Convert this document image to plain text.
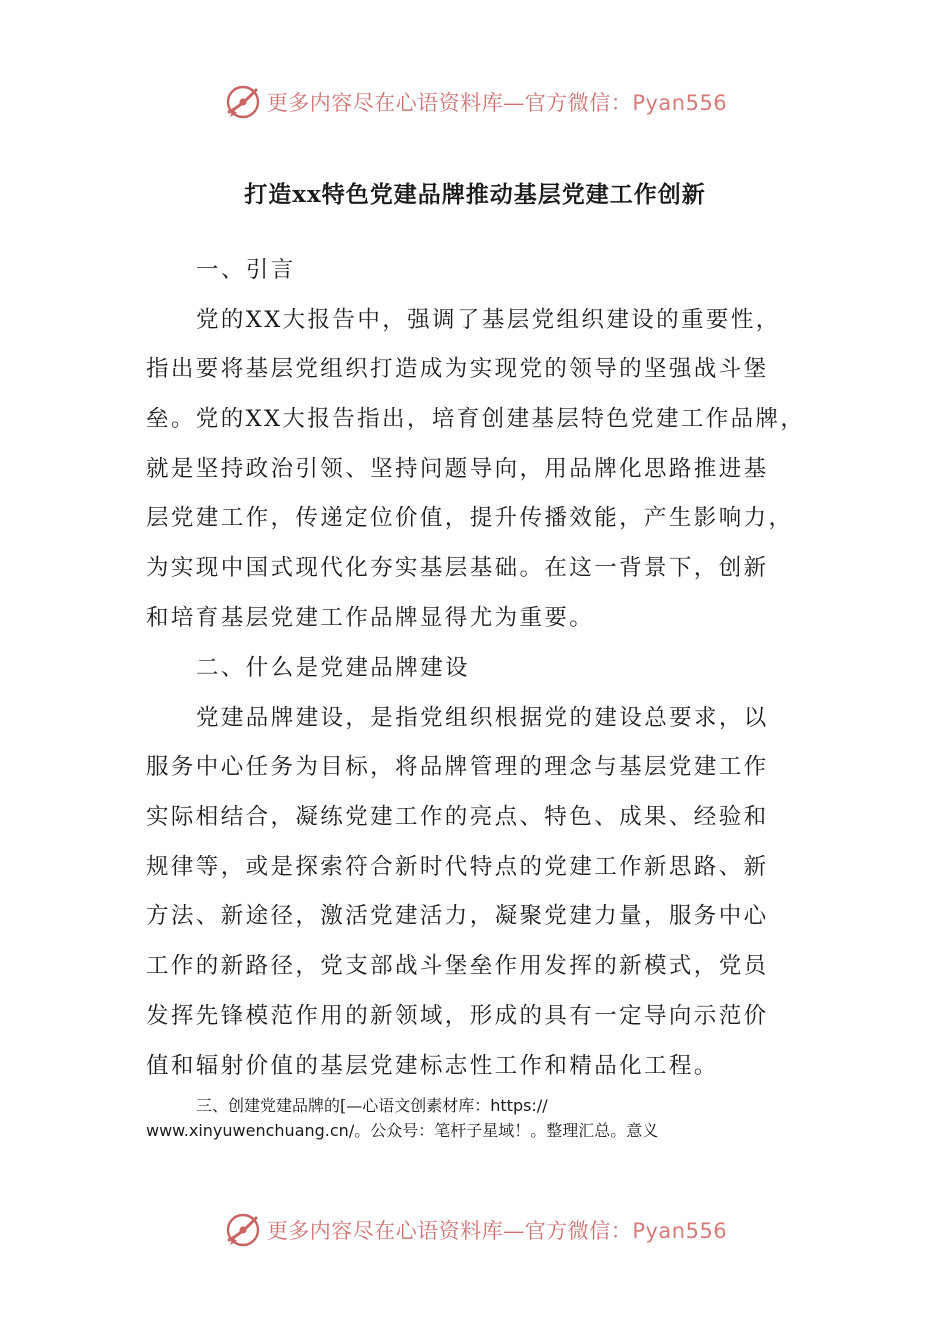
更多内容尽在心语资料库—官方微信：Pyan556
打造xx特色党建品牌推动基层党建工作创新
一、引言
党的XX大报告中，强调了基层党组织建设的重要性，
指出要将基层党组织打造成为实现党的领导的坚强战斗堡
垒。党的XX大报告指出，培育创建基层特色党建工作品牌，
就是坚持政治引领、坚持问题导向，用品牌化思路推进基
层党建工作，传递定位价值，提升传播效能，产生影响力，
为实现中国式现代化夯实基层基础。在这一背景下，创新
和培育基层党建工作品牌显得尤为重要。
二、什么是党建品牌建设
党建品牌建设，是指党组织根据党的建设总要求，以
服务中心任务为目标，将品牌管理的理念与基层党建工作
实际相结合，凝练党建工作的亮点、特色、成果、经验和
规律等，或是探索符合新时代特点的党建工作新思路、新
方法、新途径，激活党建活力，凝聚党建力量，服务中心
工作的新路径，党支部战斗堡垒作用发挥的新模式，党员
发挥先锋模范作用的新领域，形成的具有一定导向示范价
值和辐射价值的基层党建标志性工作和精品化工程。
三、创建党建品牌的[—心语文创素材库：https://
www.xinyuwenchuang.cn/。公众号：笔杆子星域！。整理汇总。意义
更多内容尽在心语资料库—官方微信：Pyan556
